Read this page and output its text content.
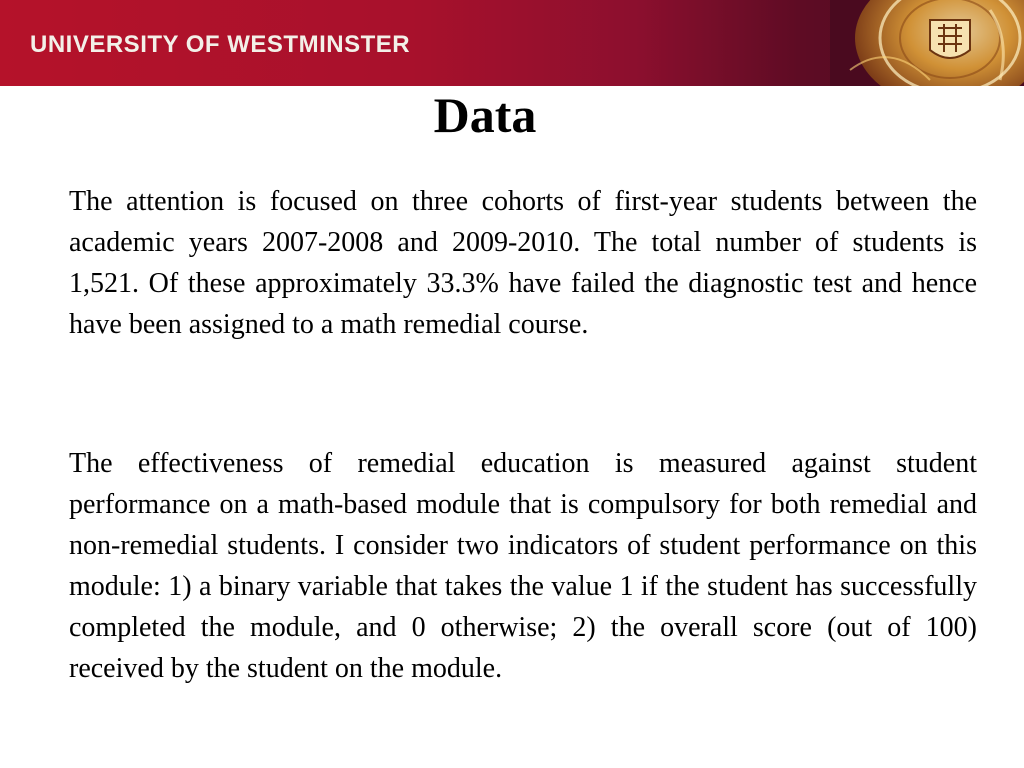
UNIVERSITY OF WESTMINSTER
Data

The attention is focused on three cohorts of first-year students between the academic years 2007-2008 and 2009-2010. The total number of students is 1,521. Of these approximately 33.3% have failed the diagnostic test and hence have been assigned to a math remedial course.

The effectiveness of remedial education is measured against student performance on a math-based module that is compulsory for both remedial and non-remedial students. I consider two indicators of student performance on this module: 1) a binary variable that takes the value 1 if the student has successfully completed the module, and 0 otherwise; 2) the overall score (out of 100) received by the student on the module.
